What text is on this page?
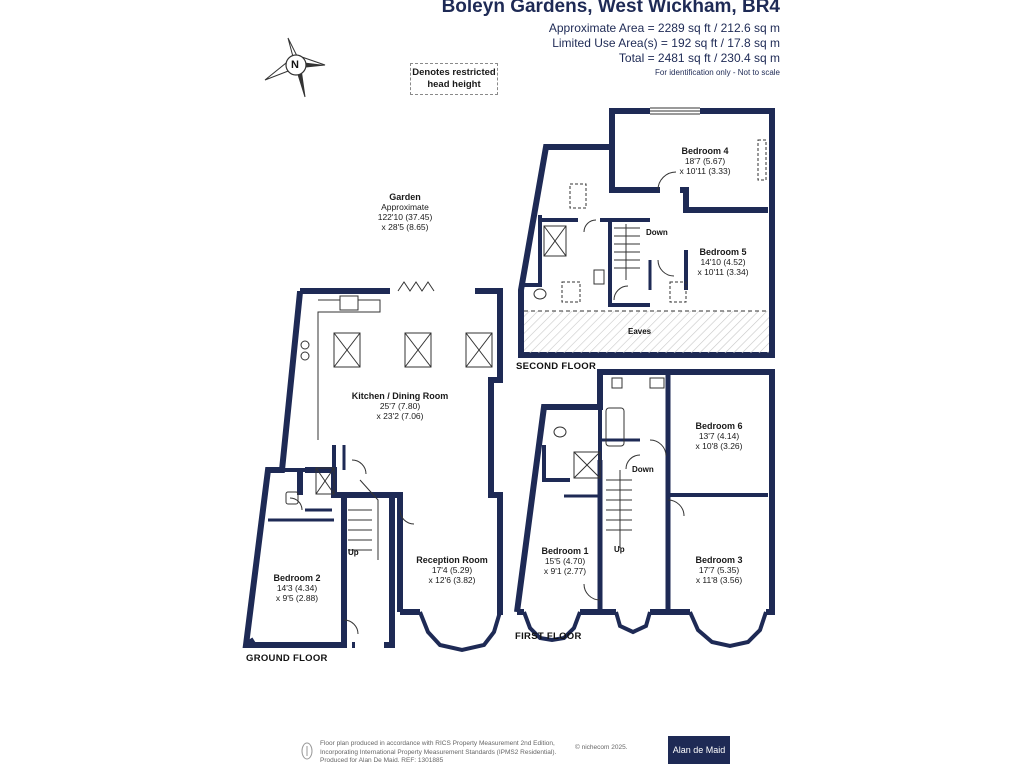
Boleyn Gardens, West Wickham, BR4
Approximate Area = 2289 sq ft / 212.6 sq m
Limited Use Area(s) = 192 sq ft / 17.8 sq m
Total = 2481 sq ft / 230.4 sq m
For identification only - Not to scale
Denotes restricted head height
Garden
Approximate
122'10 (37.45)
x 28'5 (8.65)
Kitchen / Dining Room
25'7 (7.80)
x 23'2 (7.06)
Reception Room
17'4 (5.29)
x 12'6 (3.82)
Bedroom 2
14'3 (4.34)
x 9'5 (2.88)
Bedroom 1
15'5 (4.70)
x 9'1 (2.77)
Bedroom 3
17'7 (5.35)
x 11'8 (3.56)
Bedroom 6
13'7 (4.14)
x 10'8 (3.26)
Bedroom 4
18'7 (5.67)
x 10'11 (3.33)
Bedroom 5
14'10 (4.52)
x 10'11 (3.34)
Eaves
Up	Up
Down
Down
GROUND FLOOR
FIRST FLOOR
SECOND FLOOR
N
Floor plan produced in accordance with RICS Property Measurement 2nd Edition,
Incorporating International Property Measurement Standards (IPMS2 Residential).
Produced for Alan De Maid. REF: 1301885
© nichecom 2025.	Alan de Maid
